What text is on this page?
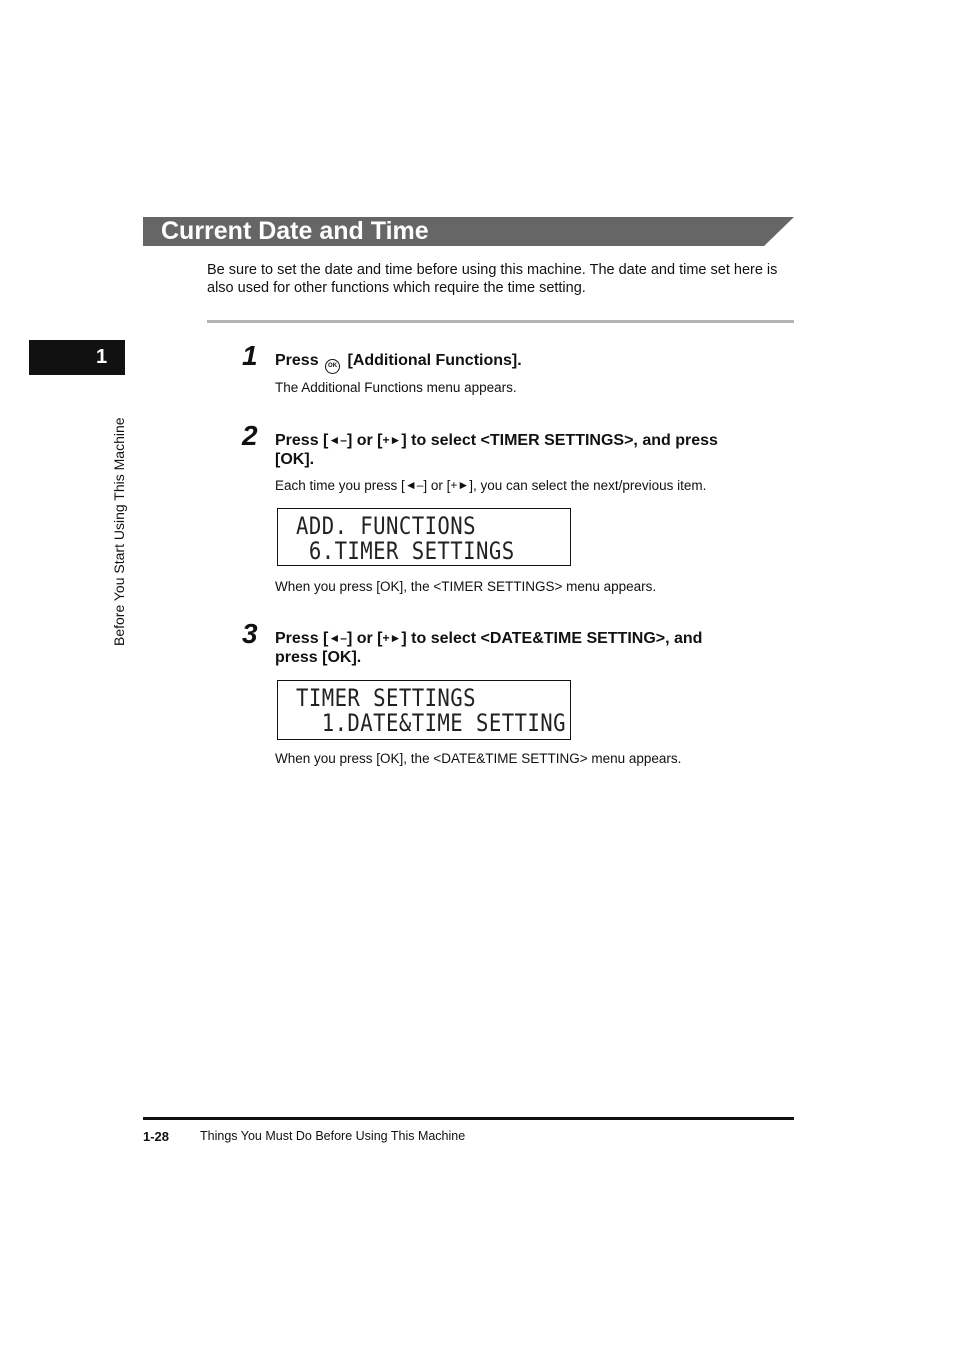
Current Date and Time
Be sure to set the date and time before using this machine. The date and time set here is also used for other functions which require the time setting.
1
Before You Start Using This Machine
1 Press OK [Additional Functions].
The Additional Functions menu appears.
2 Press [◄–] or [+►] to select <TIMER SETTINGS>, and press
[OK].
Each time you press [◄–] or [+►], you can select the next/previous item.
ADD. FUNCTIONS
6.TIMER SETTINGS
When you press [OK], the <TIMER SETTINGS> menu appears.
3 Press [◄–] or [+►] to select <DATE&TIME SETTING>, and
press [OK].
TIMER SETTINGS
1.DATE&TIME SETTING
When you press [OK], the <DATE&TIME SETTING> menu appears.
1-28 Things You Must Do Before Using This Machine
